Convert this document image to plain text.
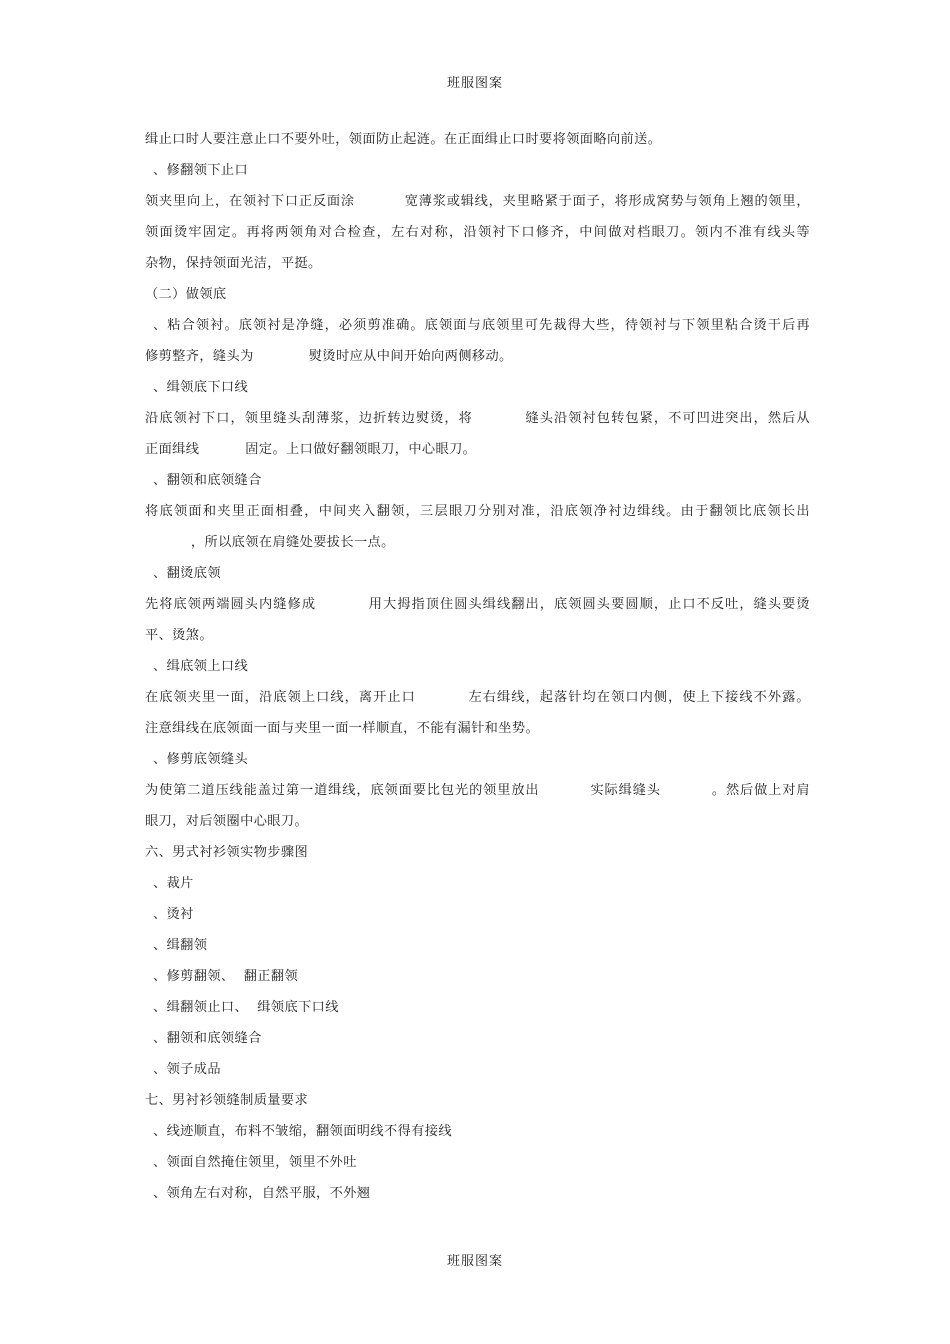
班服图案
缉止口时人要注意止口不要外吐，领面防止起涟。在正面缉止口时要将领面略向前送。
、修翻领下止口
领夹里向上，在领衬下口正反面涂          宽薄浆或辑线，夹里略紧于面子，将形成窝势与领角上翘的领里，
领面烫牢固定。再将两领角对合检查，左右对称，沿领衬下口修齐，中间做对档眼刀。领内不准有线头等
杂物，保持领面光洁，平挺。
（二）做领底
、粘合领衬。底领衬是净缝，必须剪准确。底领面与底领里可先裁得大些，待领衬与下领里粘合烫干后再
修剪整齐，缝头为            熨烫时应从中间开始向两侧移动。
、缉领底下口线
沿底领衬下口，领里缝头刮薄浆，边折转边熨烫，将          缝头沿领衬包转包紧，不可凹进突出，然后从
正面缉线          固定。上口做好翻领眼刀，中心眼刀。
、翻领和底领缝合
将底领面和夹里正面相叠，中间夹入翻领，三层眼刀分别对准，沿底领净衬边缉线。由于翻领比底领长出
，所以底领在肩缝处要拔长一点。
、翻烫底领
先将底领两端圆头内缝修成          用大拇指顶住圆头缉线翻出，底领圆头要圆顺，止口不反吐，缝头要烫
平、烫煞。
、缉底领上口线
在底领夹里一面，沿底领上口线，离开止口          左右缉线，起落针均在领口内侧，使上下接线不外露。
注意缉线在底领面一面与夹里一面一样顺直，不能有漏针和坐势。
、修剪底领缝头
为使第二道压线能盖过第一道缉线，底领面要比包光的领里放出          实际缉缝头          。然后做上对肩
眼刀，对后领圈中心眼刀。
六、男式衬衫领实物步骤图
、裁片
、烫衬
、缉翻领
、修剪翻领、  翻正翻领
、缉翻领止口、  缉领底下口线
、翻领和底领缝合
、领子成品
七、男衬衫领缝制质量要求
、线迹顺直，布料不皱缩，翻领面明线不得有接线
、领面自然掩住领里，领里不外吐
、领角左右对称，自然平服，不外翘
班服图案
